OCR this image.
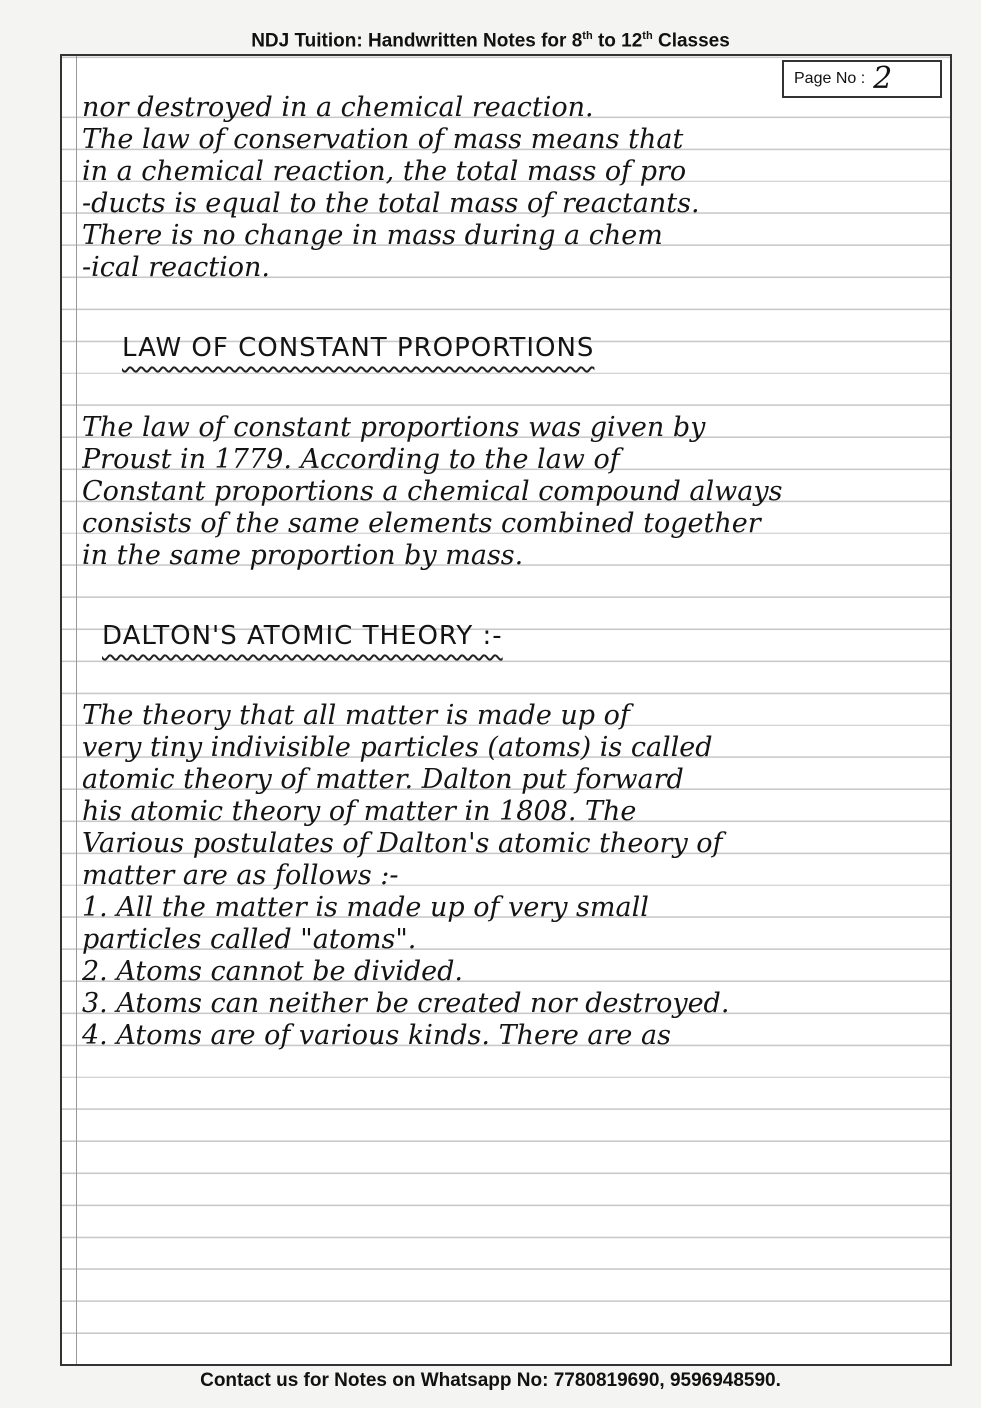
NDJ Tuition: Handwritten Notes for 8th to 12th Classes
Page No : 2
nor destroyed in a chemical reaction.
The law of conservation of mass means that
in a chemical reaction, the total mass of pro
-ducts is equal to the total mass of reactants.
There is no change in mass during a chem
-ical reaction.
LAW OF CONSTANT PROPORTIONS
The law of constant proportions was given by
Proust in 1779. According to the law of
Constant proportions a chemical compound always
consists of the same elements combined together
in the same proportion by mass.
DALTON'S ATOMIC THEORY :-
The theory that all matter is made up of
very tiny indivisible particles (atoms) is called
atomic theory of matter. Dalton put forward
his atomic theory of matter in 1808. The
Various postulates of Dalton's atomic theory of
matter are as follows :-
1. All the matter is made up of very small
particles called "atoms".
2. Atoms cannot be divided.
3. Atoms can neither be created nor destroyed.
4. Atoms are of various kinds. There are as
Contact us for Notes on Whatsapp No: 7780819690, 9596948590.
